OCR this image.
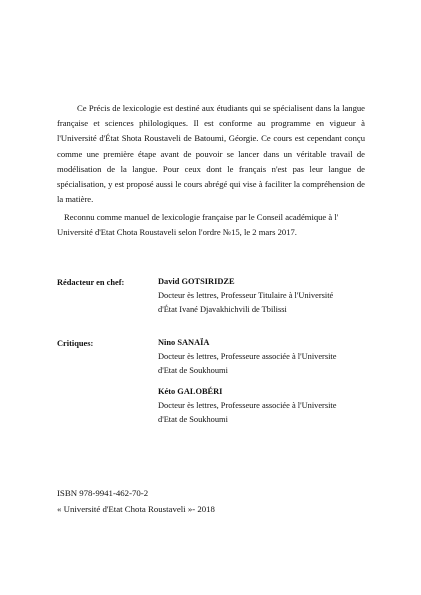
Ce Précis de lexicologie est destiné aux étudiants qui se spécialisent dans la langue française et sciences philologiques. Il est conforme au programme en vigueur à l'Université d'État Shota Roustaveli de Batoumi, Géorgie. Ce cours est cependant conçu comme une première étape avant de pouvoir se lancer dans un véritable travail de modélisation de la langue. Pour ceux dont le français n'est pas leur langue de spécialisation, y est proposé aussi le cours abrégé qui vise à faciliter la compréhension de la matière.

Reconnu comme manuel de lexicologie française par le Conseil académique à l' Université d'Etat Chota Roustaveli selon l'ordre №15, le 2 mars 2017.

Rédacteur en chef:	David GOTSIRIDZE
Docteur ès lettres, Professeur Titulaire à l'Université d'État Ivané Djavakhichvili de Tbilissi
Critiques:	Nino SANAÏA
Docteur ès lettres, Professeure associée à l'Universite d'Etat de Soukhoumi
Kéto GALOBÉRI
Docteur ès lettres, Professeure associée à l'Universite d'Etat de Soukhoumi
ISBN 978-9941-462-70-2
« Université d'Etat Chota Roustaveli »- 2018
